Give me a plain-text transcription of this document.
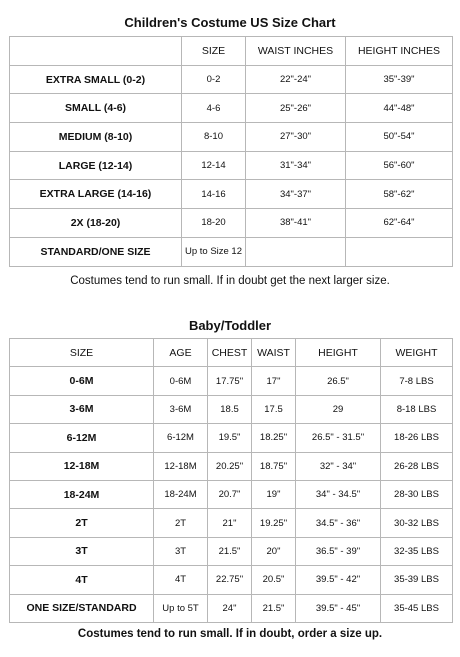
Children's Costume US Size Chart
	SIZE	WAIST INCHES	HEIGHT INCHES
EXTRA SMALL (0-2)	0-2	22"-24"	35"-39"
SMALL (4-6)	4-6	25"-26"	44"-48"
MEDIUM (8-10)	8-10	27"-30"	50"-54"
LARGE (12-14)	12-14	31"-34"	56"-60"
EXTRA LARGE (14-16)	14-16	34"-37"	58"-62"
2X (18-20)	18-20	38"-41"	62"-64"
STANDARD/ONE SIZE	Up to Size 12		
Costumes tend to run small. If in doubt get the next larger size.
Baby/Toddler
SIZE	AGE	CHEST	WAIST	HEIGHT	WEIGHT
0-6M	0-6M	17.75"	17"	26.5"	7-8 LBS
3-6M	3-6M	18.5	17.5	29	8-18 LBS
6-12M	6-12M	19.5"	18.25"	26.5" - 31.5"	18-26 LBS
12-18M	12-18M	20.25"	18.75"	32" - 34"	26-28 LBS
18-24M	18-24M	20.7"	19"	34" - 34.5"	28-30 LBS
2T	2T	21"	19.25"	34.5" - 36"	30-32 LBS
3T	3T	21.5"	20"	36.5" - 39"	32-35 LBS
4T	4T	22.75"	20.5"	39.5" - 42"	35-39 LBS
ONE SIZE/STANDARD	Up to 5T	24"	21.5"	39.5" - 45"	35-45 LBS
Costumes tend to run small. If in doubt, order a size up.
